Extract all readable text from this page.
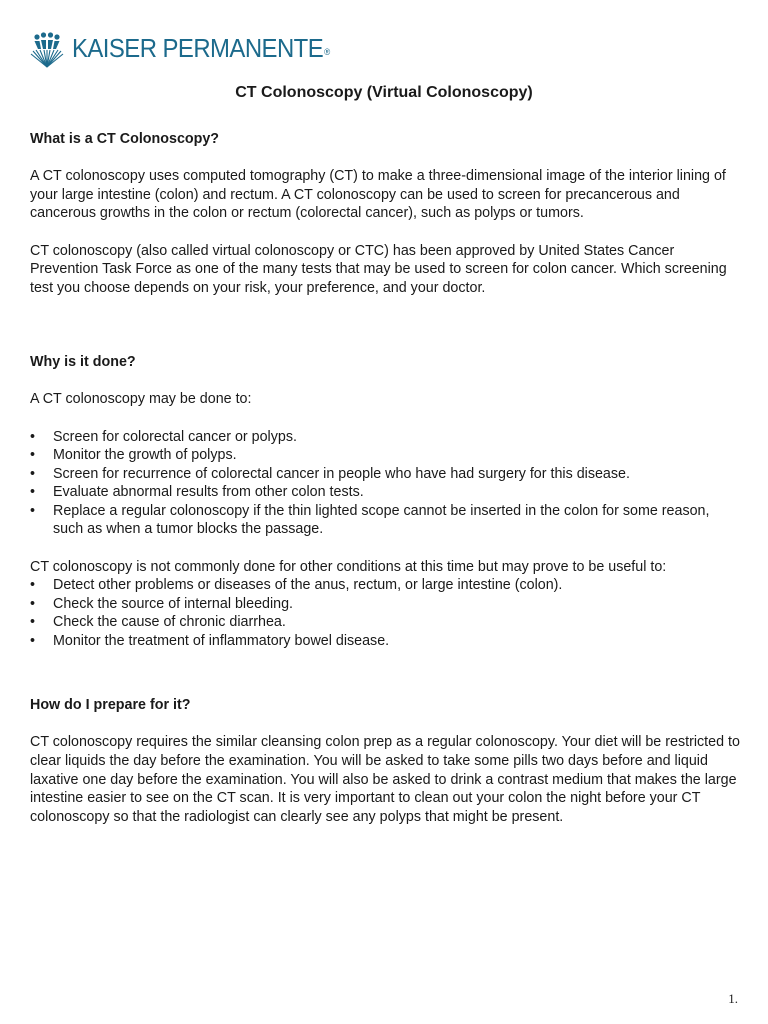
KAISER PERMANENTE®
CT Colonoscopy (Virtual Colonoscopy)

What is a CT Colonoscopy?

A CT colonoscopy uses computed tomography (CT) to make a three-dimensional image of the interior lining of your large intestine (colon) and rectum. A CT colonoscopy can be used to screen for precancerous and cancerous growths in the colon or rectum (colorectal cancer), such as polyps or tumors.

CT colonoscopy (also called virtual colonoscopy or CTC) has been approved by United States Cancer Prevention Task Force as one of the many tests that may be used to screen for colon cancer. Which screening test you choose depends on your risk, your preference, and your doctor.

Why is it done?

A CT colonoscopy may be done to:

• Screen for colorectal cancer or polyps.
• Monitor the growth of polyps.
• Screen for recurrence of colorectal cancer in people who have had surgery for this disease.
• Evaluate abnormal results from other colon tests.
• Replace a regular colonoscopy if the thin lighted scope cannot be inserted in the colon for some reason, such as when a tumor blocks the passage.

CT colonoscopy is not commonly done for other conditions at this time but may prove to be useful to:

• Detect other problems or diseases of the anus, rectum, or large intestine (colon).
• Check the source of internal bleeding.
• Check the cause of chronic diarrhea.
• Monitor the treatment of inflammatory bowel disease.

How do I prepare for it?

CT colonoscopy requires the similar cleansing colon prep as a regular colonoscopy. Your diet will be restricted to clear liquids the day before the examination. You will be asked to take some pills two days before and liquid laxative one day before the examination. You will also be asked to drink a contrast medium that makes the large intestine easier to see on the CT scan. It is very important to clean out your colon the night before your CT colonoscopy so that the radiologist can clearly see any polyps that might be present.

1.
